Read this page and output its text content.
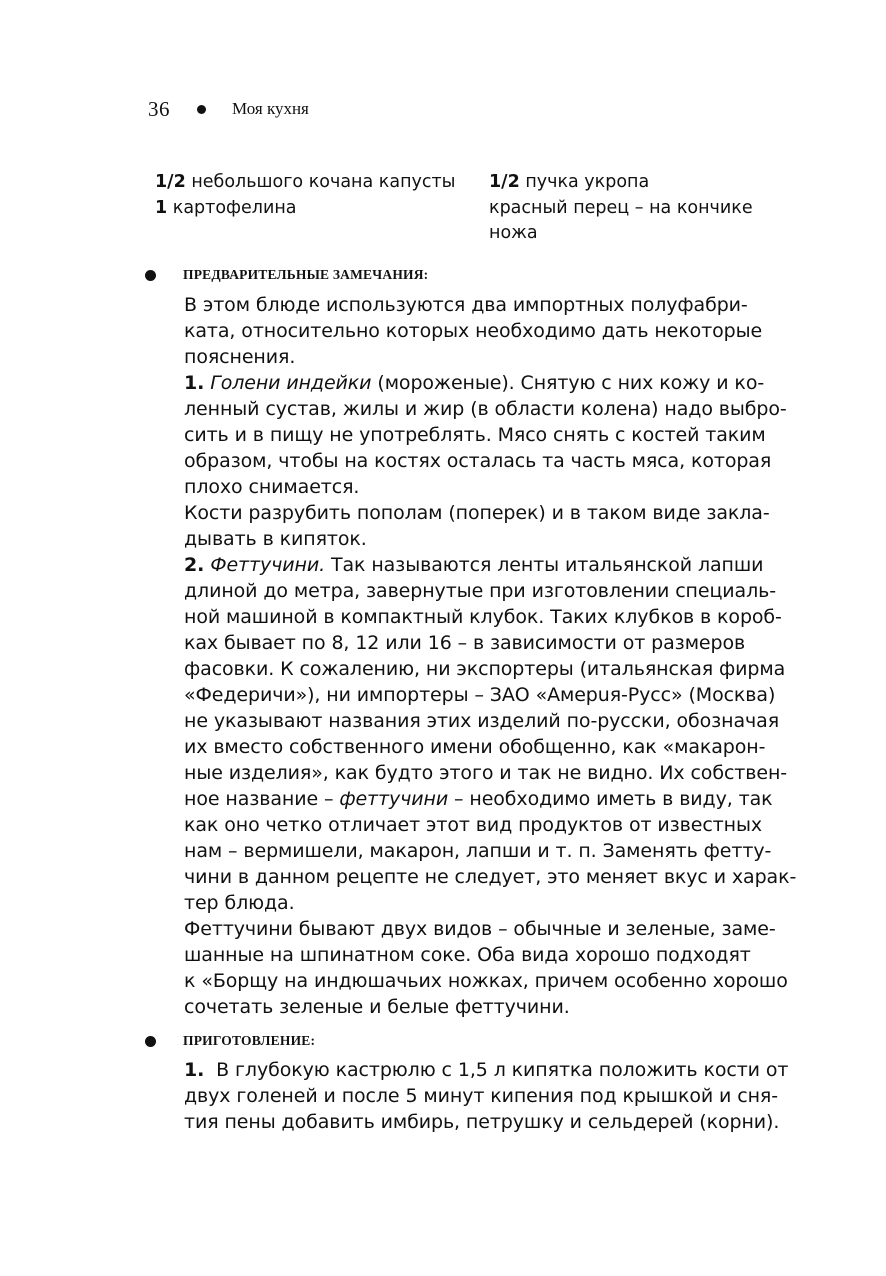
36	Моя кухня
1/2 небольшого кочана капусты
1 картофелина
1/2 пучка укропа
красный перец – на кончике
ножа
ПРЕДВАРИТЕЛЬНЫЕ ЗАМЕЧАНИЯ:
В этом блюде используются два импортных полуфабри-
ката, относительно которых необходимо дать некоторые
пояснения.
1. Голени индейки (мороженые). Снятую с них кожу и ко-
ленный сустав, жилы и жир (в области колена) надо выбро-
сить и в пищу не употреблять. Мясо снять с костей таким
образом, чтобы на костях осталась та часть мяса, которая
плохо снимается.
Кости разрубить пополам (поперек) и в таком виде закла-
дывать в кипяток.
2. Феттучини. Так называются ленты итальянской лапши
длиной до метра, завернутые при изготовлении специаль-
ной машиной в компактный клубок. Таких клубков в короб-
ках бывает по 8, 12 или 16 – в зависимости от размеров
фасовки. К сожалению, ни экспортеры (итальянская фирма
«Федеричи»), ни импортеры – ЗАО «Амерuя-Русс» (Москва)
не указывают названия этих изделий по-русски, обозначая
их вместо собственного имени обобщенно, как «макарон-
ные изделия», как будто этого и так не видно. Их собствен-
ное название – феттучини – необходимо иметь в виду, так
как оно четко отличает этот вид продуктов от известных
нам – вермишели, макарон, лапши и т. п. Заменять фетту-
чини в данном рецепте не следует, это меняет вкус и харак-
тер блюда.
Феттучини бывают двух видов – обычные и зеленые, заме-
шанные на шпинатном соке. Оба вида хорошо подходят
к «Борщу на индюшачьих ножках, причем особенно хорошо
сочетать зеленые и белые феттучини.
ПРИГОТОВЛЕНИЕ:
1.  В глубокую кастрюлю с 1,5 л кипятка положить кости от
двух голеней и после 5 минут кипения под крышкой и сня-
тия пены добавить имбирь, петрушку и сельдерей (корни).
